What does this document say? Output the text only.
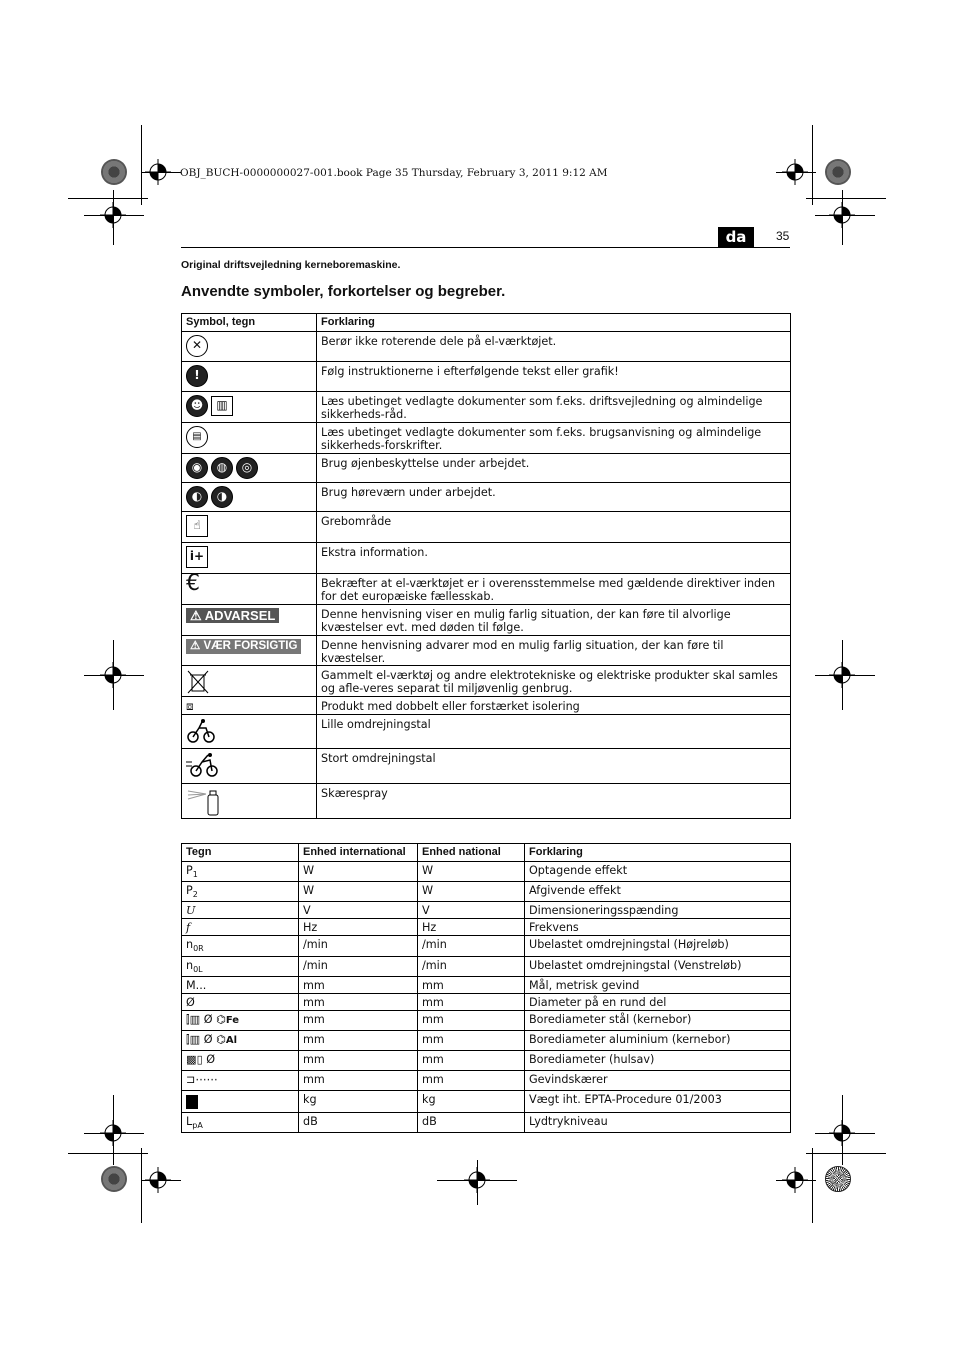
OBJ_BUCH-0000000027-001.book Page 35 Thursday, February 3, 2011 9:12 AM
da	35
Original driftsvejledning kerneboremaskine.
Anvendte symboler, forkortelser og begreber.
Symbol, tegn	Forklaring

✕	Berør ikke roterende dele på el-værktøjet.

!	Følg instruktionerne i efterfølgende tekst eller grafik!

☻ ▥	Læs ubetinget vedlagte dokumenter som f.eks. driftsvejledning og almindelige sikkerheds-råd.

▤	Læs ubetinget vedlagte dokumenter som f.eks. brugsanvisning og almindelige sikkerheds-forskrifter.

◉ ◍ ◎	Brug øjenbeskyttelse under arbejdet.

◐ ◑	Brug høreværn under arbejdet.

☝	Grebområde

i+	Ekstra information.

€	Bekræfter at el-værktøjet er i overensstemmelse med gældende direktiver inden for det europæiske fællesskab.

⚠ ADVARSEL	Denne henvisning viser en mulig farlig situation, der kan føre til alvorlige kvæstelser evt. med døden til følge.

⚠ VÆR FORSIGTIG	Denne henvisning advarer mod en mulig farlig situation, der kan føre til kvæstelser.

	Gammelt el-værktøj og andre elektrotekniske og elektriske produkter skal samles og afle-veres separat til miljøvenlig genbrug.

⧈	Produkt med dobbelt eller forstærket isolering

	Lille omdrejningstal

	Stort omdrejningstal

	Skærespray
Tegn	Enhed international	Enhed national	Forklaring
$P_1$	W	W	Optagende effekt
$P_2$	W	W	Afgivende effekt
U	V	V	Dimensioneringsspænding
f	Hz	Hz	Frekvens
$n_{0R}$	/min	/min	Ubelastet omdrejningstal (Højreløb)
$n_{0L}$	/min	/min	Ubelastet omdrejningstal (Venstreløb)
M...	mm	mm	Mål, metrisk gevind
Ø	mm	mm	Diameter på en rund del
⫿▥ Ø ⌬Fe	mm	mm	Borediameter stål (kernebor)
⫿▥ Ø ⌬Al	mm	mm	Borediameter aluminium (kernebor)
▩▯ Ø	mm	mm	Borediameter (hulsav)
⊐⋯⋯	mm	mm	Gevindskærer
	kg	kg	Vægt iht. EPTA-Procedure 01/2003
$L_{pA}$	dB	dB	Lydtrykniveau
